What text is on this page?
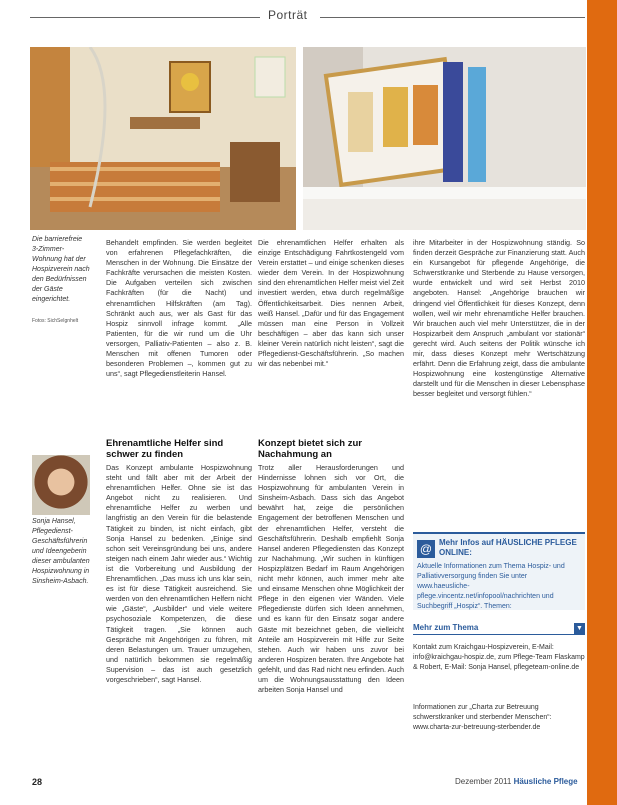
Porträt
Die barrierefreie 3-Zimmer-Wohnung hat der Hospizverein nach den Bedürfnissen der Gäste eingerichtet.
Fotos: SichSeIgnhelt
Sonja Hansel, Pflegedienst-Geschäftsführerin und Ideengeberin dieser ambulanten Hospizwohnung in Sinsheim-Asbach.
Behandelt empfinden. Sie werden begleitet von erfahrenen Pflegefachkräften, die Menschen in der Wohnung. Die Einsätze der Fachkräfte verursachen die meisten Kosten. Die Aufgaben verteilen sich zwischen Fachkräften (für die Nacht) und ehrenamtlichen Hilfskräften (am Tag). Schränkt auch aus, wer als Gast für das Hospiz sinnvoll infrage kommt. „Alle Patienten, für die wir rund um die Uhr versorgen, Palliativ-Patienten – also z. B. Menschen mit offenen Tumoren oder besonderen Problemen –, kommen gut zu uns“, sagt Pflegedienstleiterin Hansel.
Ehrenamtliche Helfer sind schwer zu finden
Das Konzept ambulante Hospizwohnung steht und fällt aber mit der Arbeit der ehrenamtlichen Helfer. Ohne sie ist das Angebot nicht zu realisieren. Und ehrenamtliche Helfer zu werben und langfristig an den Verein für die belastende Tätigkeit zu binden, ist nicht einfach, gibt Sonja Hansel zu bedenken. „Einige sind schon seit Vereinsgründung bei uns, andere steigen nach einem Jahr wieder aus.“ Wichtig ist die Vorbereitung und Ausbildung der Ehrenamtlichen. „Das muss ich uns klar sein, es ist für diese Tätigkeit ausreichend. Sie werden von den ehrenamtlichen Helfern nicht wie „Gäste“, „Ausbilder“ und viele weitere psychosoziale Kompetenzen, die diese Tätigkeit tragen. „Sie können auch Gespräche mit Angehörigen zu führen, mit deren Belastungen um. Trauer umzugehen, und natürlich bekommen sie regelmäßig Supervision – das ist auch gesetzlich vorgeschrieben“, sagt Hansel.
Die ehrenamtlichen Helfer erhalten als einzige Entschädigung Fahrtkostengeld vom Verein erstattet – und einige schenken dieses wieder dem Verein. In der Hospizwohnung sind den ehrenamtlichen Helfer meist viel Zeit investiert werden, etwa durch regelmäßige Öffentlichkeitsarbeit. Dies nennen Arbeit, weiß Hansel. „Dafür und für das Engagement müssen man eine Person in Vollzeit beschäftigen – aber das kann sich unser kleiner Verein natürlich nicht leisten“, sagt die Pflegedienst-Geschäftsführerin. „So machen wir das nebenbei mit.“
Konzept bietet sich zur Nachahmung an
Trotz aller Herausforderungen und Hindernisse lohnen sich vor Ort, die Hospizwohnung für ambulanten Verein in Sinsheim-Asbach. Dass sich das Angebot bewährt hat, zeige die persönlichen Engagement der betroffenen Menschen und der ehrenamtlichen Helfer, versteht die Geschäftsführerin. Deshalb empfiehlt Sonja Hansel anderen Pflegediensten das Konzept zur Nachahmung. „Wir suchen in künftigen Hospizplätzen Bedarf im Raum Angehörigen nicht mehr können, auch immer mehr alte und einsame Menschen ohne Möglichkeit der Pflege in den eigenen vier Wänden. Viele Pflegedienste dürfen sich Ideen annehmen, und es kann für den Einsatz sogar andere Gäste mit bezeichnet geben, die vielleicht Anteile am Hospizverein mit Hilfe zur Seite stehen. Auch wir haben uns zuvor bei anderen Hospizen beraten. Ihre Angebote hat gefehlt, und das Rad nicht neu erfinden. Auch um die Wohnungsausstattung den Ideen arbeiten Sonja Hansel und
ihre Mitarbeiter in der Hospizwohnung ständig. So finden derzeit Gespräche zur Finanzierung statt. Auch ein Kursangebot für pflegende Angehörige, die Schwerstkranke und Sterbende zu Hause versorgen, wurde entwickelt und wird seit Herbst 2010 angeboten. Hansel: „Angehörige brauchen wir dringend viel Öffentlichkeit für dieses Konzept, denn wollen, weil wir mehr ehrenamtliche Helfer brauchen. Wir brauchen auch viel mehr Unterstützer, die in der Hospizarbeit dem Anspruch „ambulant vor stationär“ gerecht wird. Auch seitens der Politik wünsche ich mir, dass dieses Konzept mehr Wertschätzung erfährt. Denn die Erfahrung zeigt, dass die ambulante Hospizwohnung eine kostengünstige Alternative darstellt und für die Menschen in dieser Lebensphase besser begleitet und versorgt fühlen.“
@ Mehr Infos auf HÄUSLICHE PFLEGE ONLINE:
Aktuelle Informationen zum Thema Hospiz- und Palliativversorgung finden Sie unter www.haeusliche-pflege.vincentz.net/infopool/nachrichten und Suchbegriff „Hospiz“. Themen:
Mehr zum Thema	▼
Kontakt zum Kraichgau-Hospizverein, E-Mail: info@kraichgau-hospiz.de, zum Pflege-Team Flaskamp & Robert, E-Mail: Sonja Hansel, pflegeteam-online.de
Informationen zur „Charta zur Betreuung schwerstkranker und sterbender Menschen“: www.charta-zur-betreuung-sterbender.de
28	Dezember 2011 Häusliche Pflege
